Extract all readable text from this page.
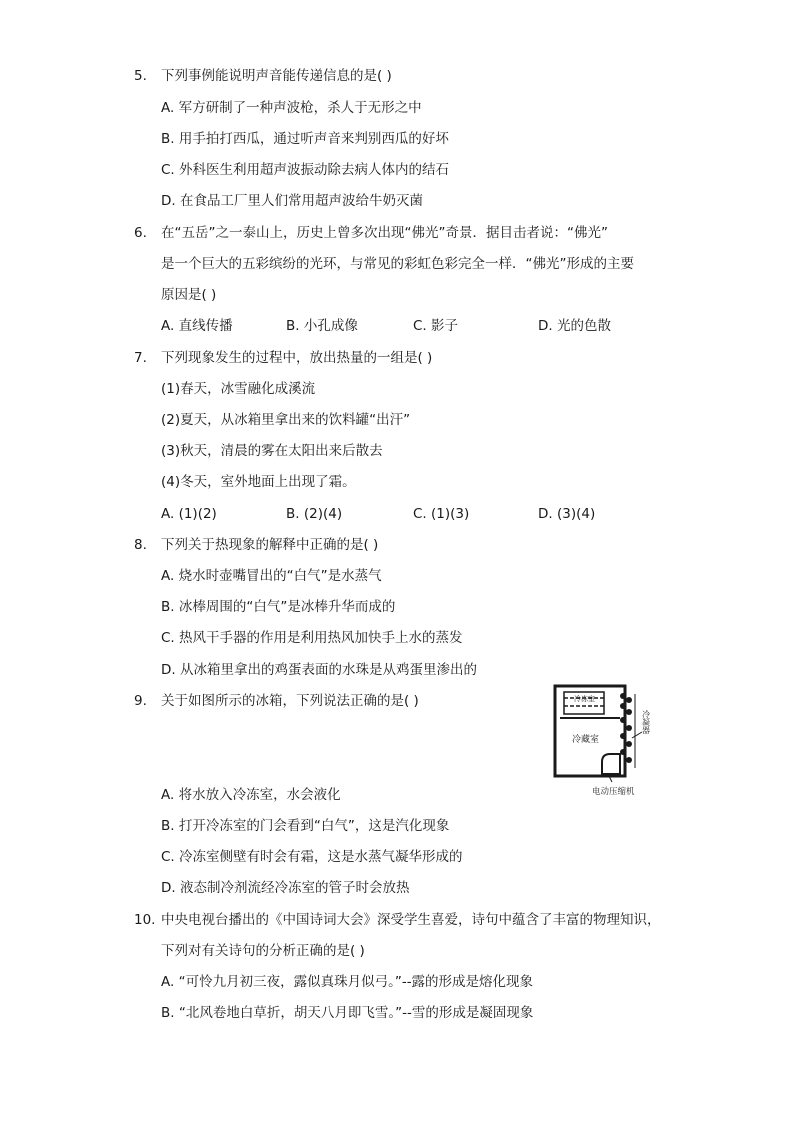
5. 下列事例能说明声音能传递信息的是( )
A. 军方研制了一种声波枪，杀人于无形之中
B. 用手拍打西瓜，通过听声音来判别西瓜的好坏
C. 外科医生利用超声波振动除去病人体内的结石
D. 在食品工厂里人们常用超声波给牛奶灭菌
6. 在“五岳”之一泰山上，历史上曾多次出现“佛光”奇景．据目击者说：“佛光”
是一个巨大的五彩缤纷的光环，与常见的彩虹色彩完全一样．“佛光”形成的主要
原因是( )
A. 直线传播	B. 小孔成像	C. 影子	D. 光的色散
7. 下列现象发生的过程中，放出热量的一组是( )
(1)春天，冰雪融化成溪流
(2)夏天，从冰箱里拿出来的饮料罐“出汗”
(3)秋天，清晨的雾在太阳出来后散去
(4)冬天，室外地面上出现了霜。
A. (1)(2)	B. (2)(4)	C. (1)(3)	D. (3)(4)
8. 下列关于热现象的解释中正确的是( )
A. 烧水时壶嘴冒出的“白气”是水蒸气
B. 冰棒周围的“白气”是冰棒升华而成的
C. 热风干手器的作用是利用热风加快手上水的蒸发
D. 从冰箱里拿出的鸡蛋表面的水珠是从鸡蛋里渗出的
9. 关于如图所示的冰箱，下列说法正确的是( )	冷冻室
冷藏室
冷凝器
电动压缩机
A. 将水放入冷冻室，水会液化
B. 打开冷冻室的门会看到“白气”，这是汽化现象
C. 冷冻室侧壁有时会有霜，这是水蒸气凝华形成的
D. 液态制冷剂流经冷冻室的管子时会放热
10. 中央电视台播出的《中国诗词大会》深受学生喜爱，诗句中蕴含了丰富的物理知识，
下列对有关诗句的分析正确的是( )
A. “可怜九月初三夜，露似真珠月似弓。”--露的形成是熔化现象
B. “北风卷地白草折，胡天八月即飞雪。”--雪的形成是凝固现象
